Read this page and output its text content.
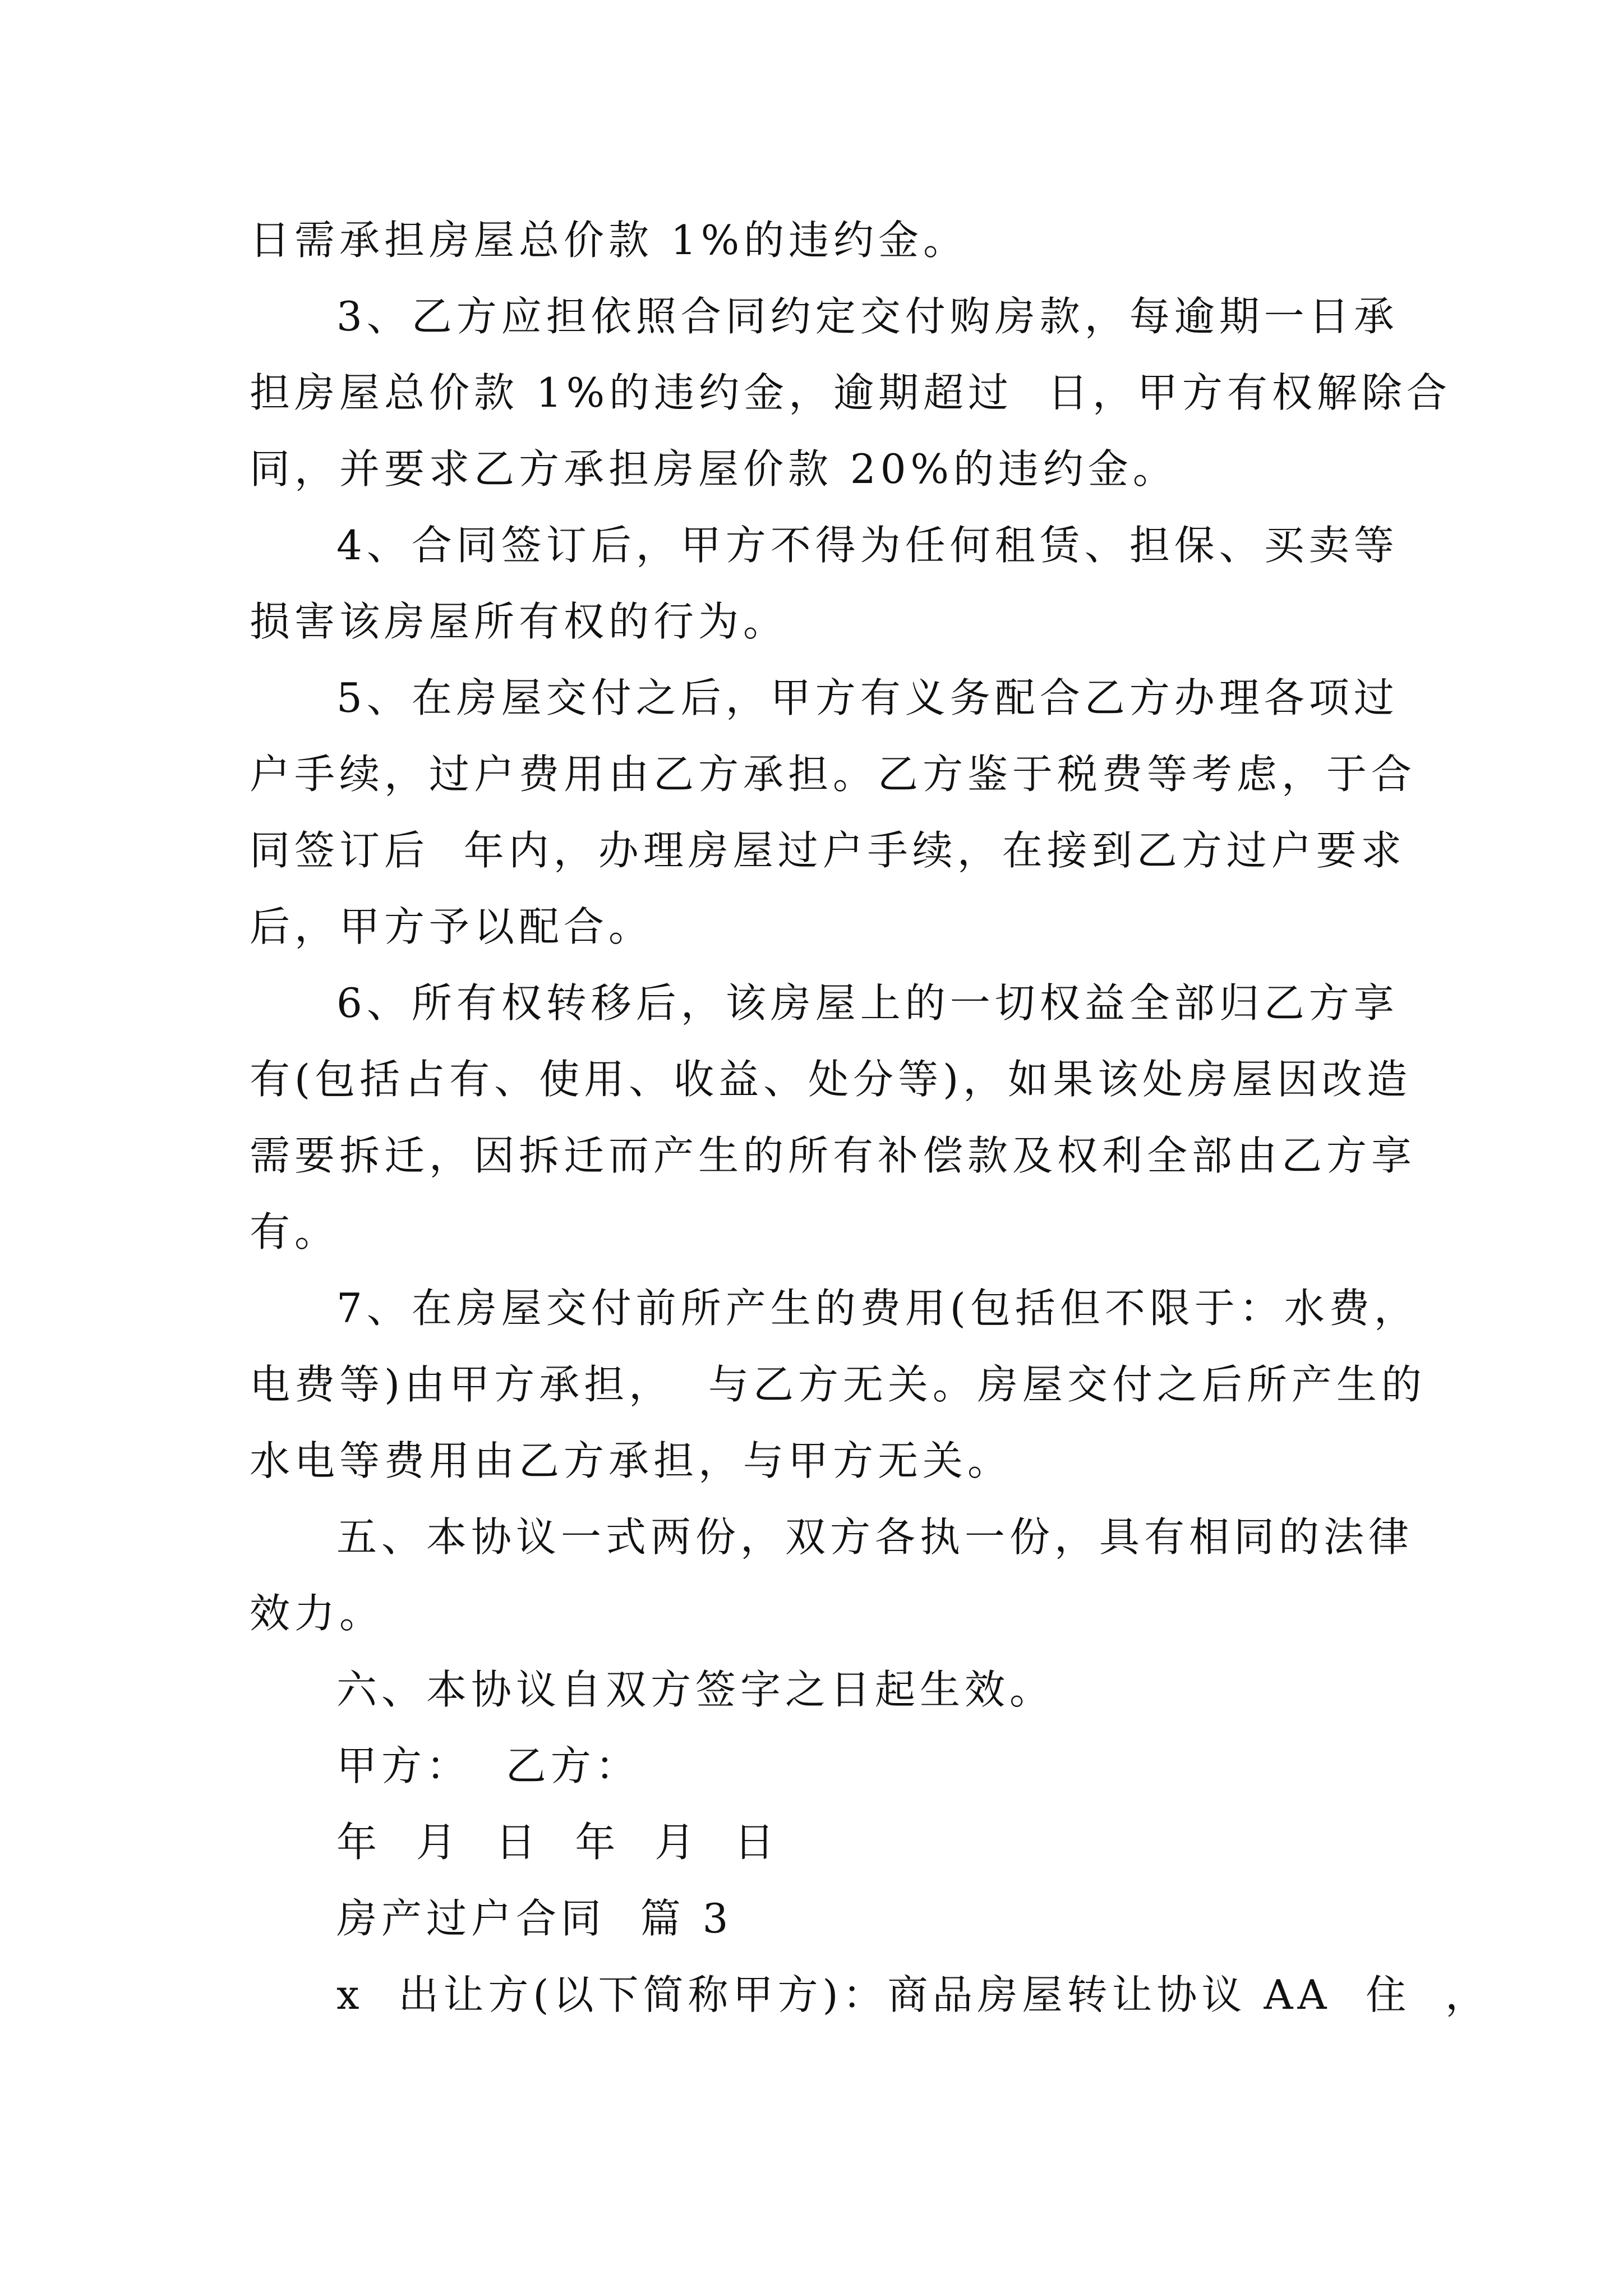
日需承担房屋总价款 1%的违约金。
3、乙方应担依照合同约定交付购房款，每逾期一日承
担房屋总价款 1%的违约金，逾期超过  日，甲方有权解除合
同，并要求乙方承担房屋价款 20%的违约金。
4、合同签订后，甲方不得为任何租赁、担保、买卖等
损害该房屋所有权的行为。
5、在房屋交付之后，甲方有义务配合乙方办理各项过
户手续，过户费用由乙方承担。乙方鉴于税费等考虑，于合
同签订后  年内，办理房屋过户手续，在接到乙方过户要求
后，甲方予以配合。
6、所有权转移后，该房屋上的一切权益全部归乙方享
有(包括占有、使用、收益、处分等)，如果该处房屋因改造
需要拆迁，因拆迁而产生的所有补偿款及权利全部由乙方享
有。
7、在房屋交付前所产生的费用(包括但不限于：水费，
电费等)由甲方承担，  与乙方无关。房屋交付之后所产生的
水电等费用由乙方承担，与甲方无关。
五、本协议一式两份，双方各执一份，具有相同的法律
效力。
六、本协议自双方签字之日起生效。
甲方：  乙方：
年  月  日  年  月  日
房产过户合同  篇 3
x  出让方(以下简称甲方)：商品房屋转让协议 AA  住  ，
